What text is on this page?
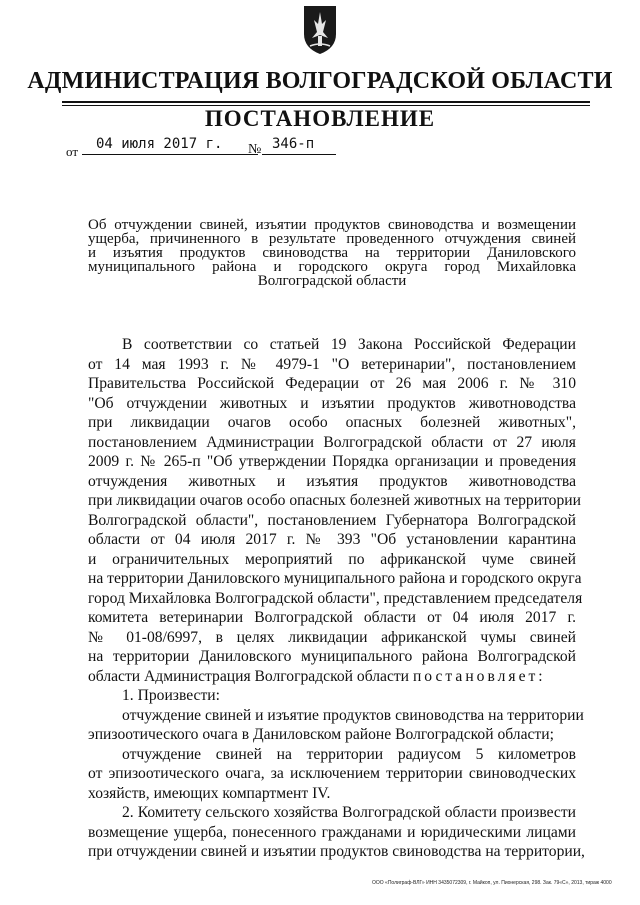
АДМИНИСТРАЦИЯ ВОЛГОГРАДСКОЙ ОБЛАСТИ
ПОСТАНОВЛЕНИЕ
от	04 июля 2017 г.	№ 346-п
Об отчуждении свиней, изъятии продуктов свиноводства и возмещении
ущерба, причиненного в результате проведенного отчуждения свиней
и изъятия продуктов свиноводства на территории Даниловского
муниципального района и городского округа город Михайловка
Волгоградской области
В соответствии со статьей 19 Закона Российской Федерации
от 14 мая 1993 г. № 4979-1 "О ветеринарии", постановлением
Правительства Российской Федерации от 26 мая 2006 г. № 310
"Об отчуждении животных и изъятии продуктов животноводства
при ликвидации очагов особо опасных болезней животных",
постановлением Администрации Волгоградской области от 27 июля
2009 г. № 265-п "Об утверждении Порядка организации и проведения
отчуждения животных и изъятия продуктов животноводства
при ликвидации очагов особо опасных болезней животных на территории
Волгоградской области", постановлением Губернатора Волгоградской
области от 04 июля 2017 г. № 393 "Об установлении карантина
и ограничительных мероприятий по африканской чуме свиней
на территории Даниловского муниципального района и городского округа
город Михайловка Волгоградской области", представлением председателя
комитета ветеринарии Волгоградской области от 04 июля 2017 г.
№ 01-08/6997, в целях ликвидации африканской чумы свиней
на территории Даниловского муниципального района Волгоградской
области Администрация Волгоградской области постановляет:
1. Произвести:
отчуждение свиней и изъятие продуктов свиноводства на территории
эпизоотического очага в Даниловском районе Волгоградской области;
отчуждение свиней на территории радиусом 5 километров
от эпизоотического очага, за исключением территории свиноводческих
хозяйств, имеющих компартмент IV.
2. Комитету сельского хозяйства Волгоградской области произвести
возмещение ущерба, понесенного гражданами и юридическими лицами
при отчуждении свиней и изъятии продуктов свиноводства на территории,
ООО «Полиграф-ВЛГ» ИНН 3435072309, г. Майкоп, ул. Пионерская, 298. Зак. 79«С», 2013, тираж 4000
